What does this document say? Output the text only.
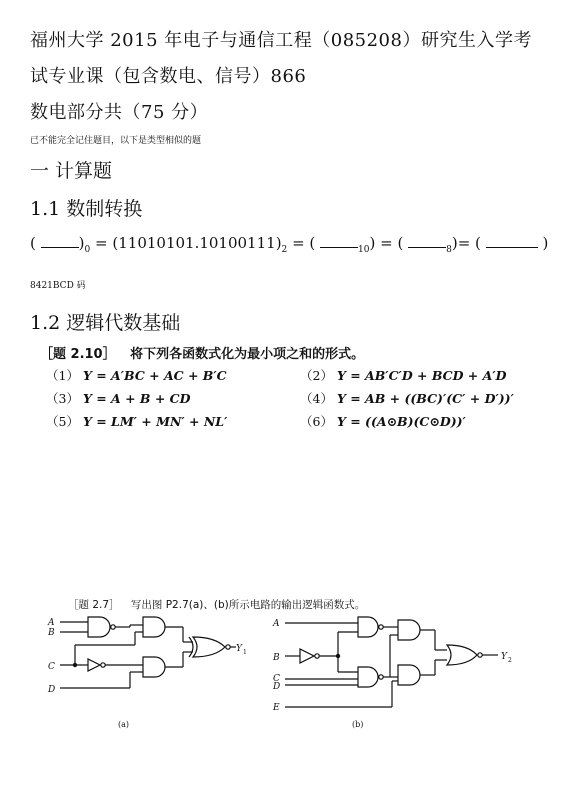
福州大学 2015 年电子与通信工程（085208）研究生入学考
试专业课（包含数电、信号）866
数电部分共（75 分）
已不能完全记住题目，以下是类型相似的题
一 计算题
1.1 数制转换
(	)$_0 = (11010101.10100111)_2$ = (	$_{10}$) = (	$_8$)= (	)
8421BCD 码
1.2 逻辑代数基础
［题 2.10］ 将下列各函数式化为最小项之和的形式。
（1） Y = A′BC + AC + B′C	（2） Y = AB′C′D + BCD + A′D
（3） Y = A + B + CD	（4） Y = AB + ((BC)′(C′ + D′))′
（5） Y = LM′ + MN′ + NL′	（6） Y = ((A⊙B)(C⊙D))′
［题 2.7］ 写出图 P2.7(a)、(b)所示电路的输出逻辑函数式。
A
B
C
D
Y 1
(a)
A
B
C
D
E
Y 2
(b)
